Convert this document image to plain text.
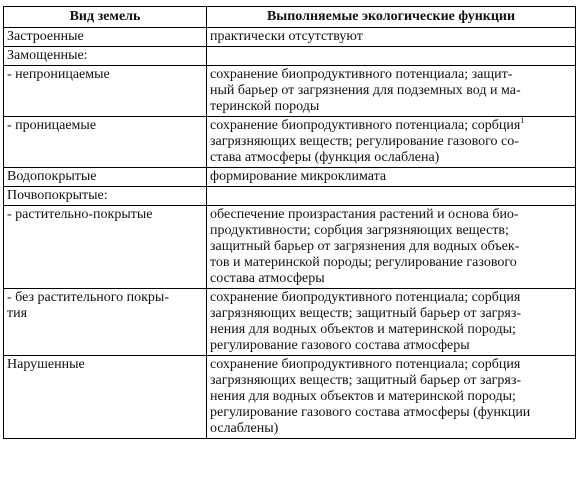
Вид земель	Выполняемые экологические функции
Застроенные	практически отсутствуют

Замощенные:	
- непроницаемые	сохранение биопродуктивного потенциала; защит-
ный барьер от загрязнения для подземных вод и ма-
теринской породы

- проницаемые	сохранение биопродуктивного потенциала; сорбция$^1$
загрязняющих веществ; регулирование газового со-
става атмосферы (функция ослаблена)

Водопокрытые	формирование микроклимата

Почвопокрытые:	
- растительно-покрытые	обеспечение произрастания растений и основа био-
продуктивности; сорбция загрязняющих веществ;
защитный барьер от загрязнения для водных объек-
тов и материнской породы; регулирование газового
состава атмосферы

- без растительного покры-
тия	сохранение биопродуктивного потенциала; сорбция
загрязняющих веществ; защитный барьер от загряз-
нения для водных объектов и материнской породы;
регулирование газового состава атмосферы

Нарушенные	сохранение биопродуктивного потенциала; сорбция
загрязняющих веществ; защитный барьер от загряз-
нения для водных объектов и материнской породы;
регулирование газового состава атмосферы (функции
ослаблены)
